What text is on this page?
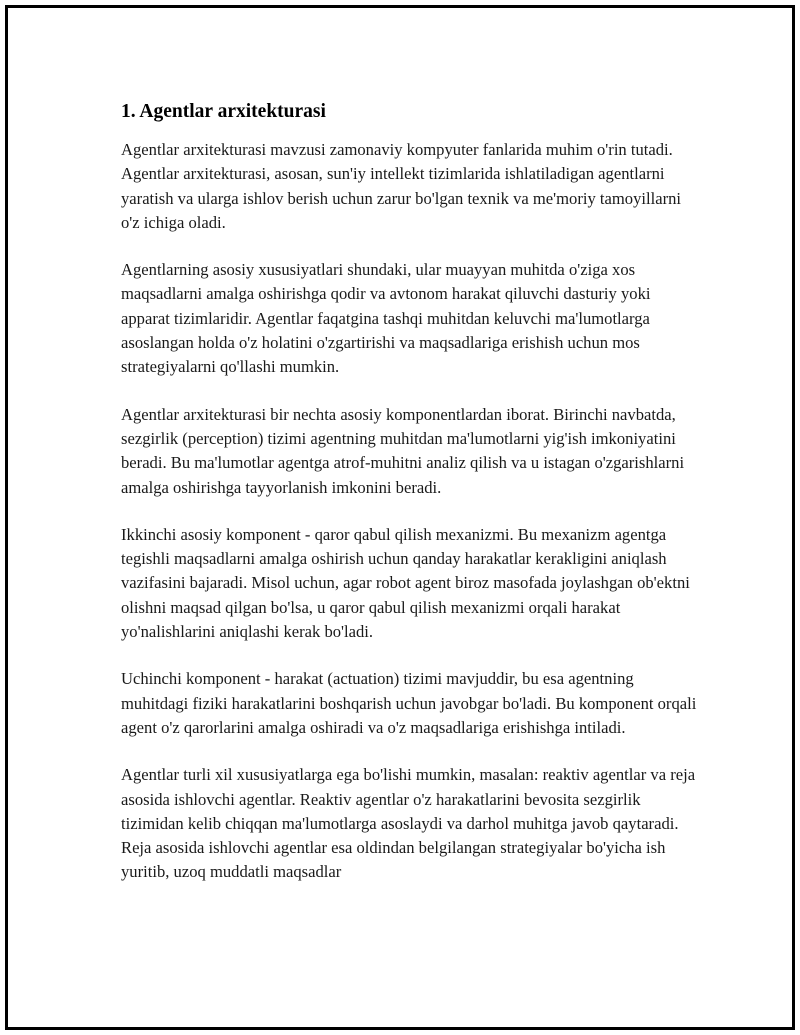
1. Agentlar arxitekturasi

Agentlar arxitekturasi mavzusi zamonaviy kompyuter fanlarida muhim o'rin tutadi. Agentlar arxitekturasi, asosan, sun'iy intellekt tizimlarida ishlatiladigan agentlarni yaratish va ularga ishlov berish uchun zarur bo'lgan texnik va me'moriy tamoyillarni o'z ichiga oladi.

Agentlarning asosiy xususiyatlari shundaki, ular muayyan muhitda o'ziga xos maqsadlarni amalga oshirishga qodir va avtonom harakat qiluvchi dasturiy yoki apparat tizimlaridir. Agentlar faqatgina tashqi muhitdan keluvchi ma'lumotlarga asoslangan holda o'z holatini o'zgartirishi va maqsadlariga erishish uchun mos strategiyalarni qo'llashi mumkin.

Agentlar arxitekturasi bir nechta asosiy komponentlardan iborat. Birinchi navbatda, sezgirlik (perception) tizimi agentning muhitdan ma'lumotlarni yig'ish imkoniyatini beradi. Bu ma'lumotlar agentga atrof-muhitni analiz qilish va u istagan o'zgarishlarni amalga oshirishga tayyorlanish imkonini beradi.

Ikkinchi asosiy komponent - qaror qabul qilish mexanizmi. Bu mexanizm agentga tegishli maqsadlarni amalga oshirish uchun qanday harakatlar kerakligini aniqlash vazifasini bajaradi. Misol uchun, agar robot agent biroz masofada joylashgan ob'ektni olishni maqsad qilgan bo'lsa, u qaror qabul qilish mexanizmi orqali harakat yo'nalishlarini aniqlashi kerak bo'ladi.

Uchinchi komponent - harakat (actuation) tizimi mavjuddir, bu esa agentning muhitdagi fiziki harakatlarini boshqarish uchun javobgar bo'ladi. Bu komponent orqali agent o'z qarorlarini amalga oshiradi va o'z maqsadlariga erishishga intiladi.

Agentlar turli xil xususiyatlarga ega bo'lishi mumkin, masalan: reaktiv agentlar va reja asosida ishlovchi agentlar. Reaktiv agentlar o'z harakatlarini bevosita sezgirlik tizimidan kelib chiqqan ma'lumotlarga asoslaydi va darhol muhitga javob qaytaradi. Reja asosida ishlovchi agentlar esa oldindan belgilangan strategiyalar bo'yicha ish yuritib, uzoq muddatli maqsadlar
